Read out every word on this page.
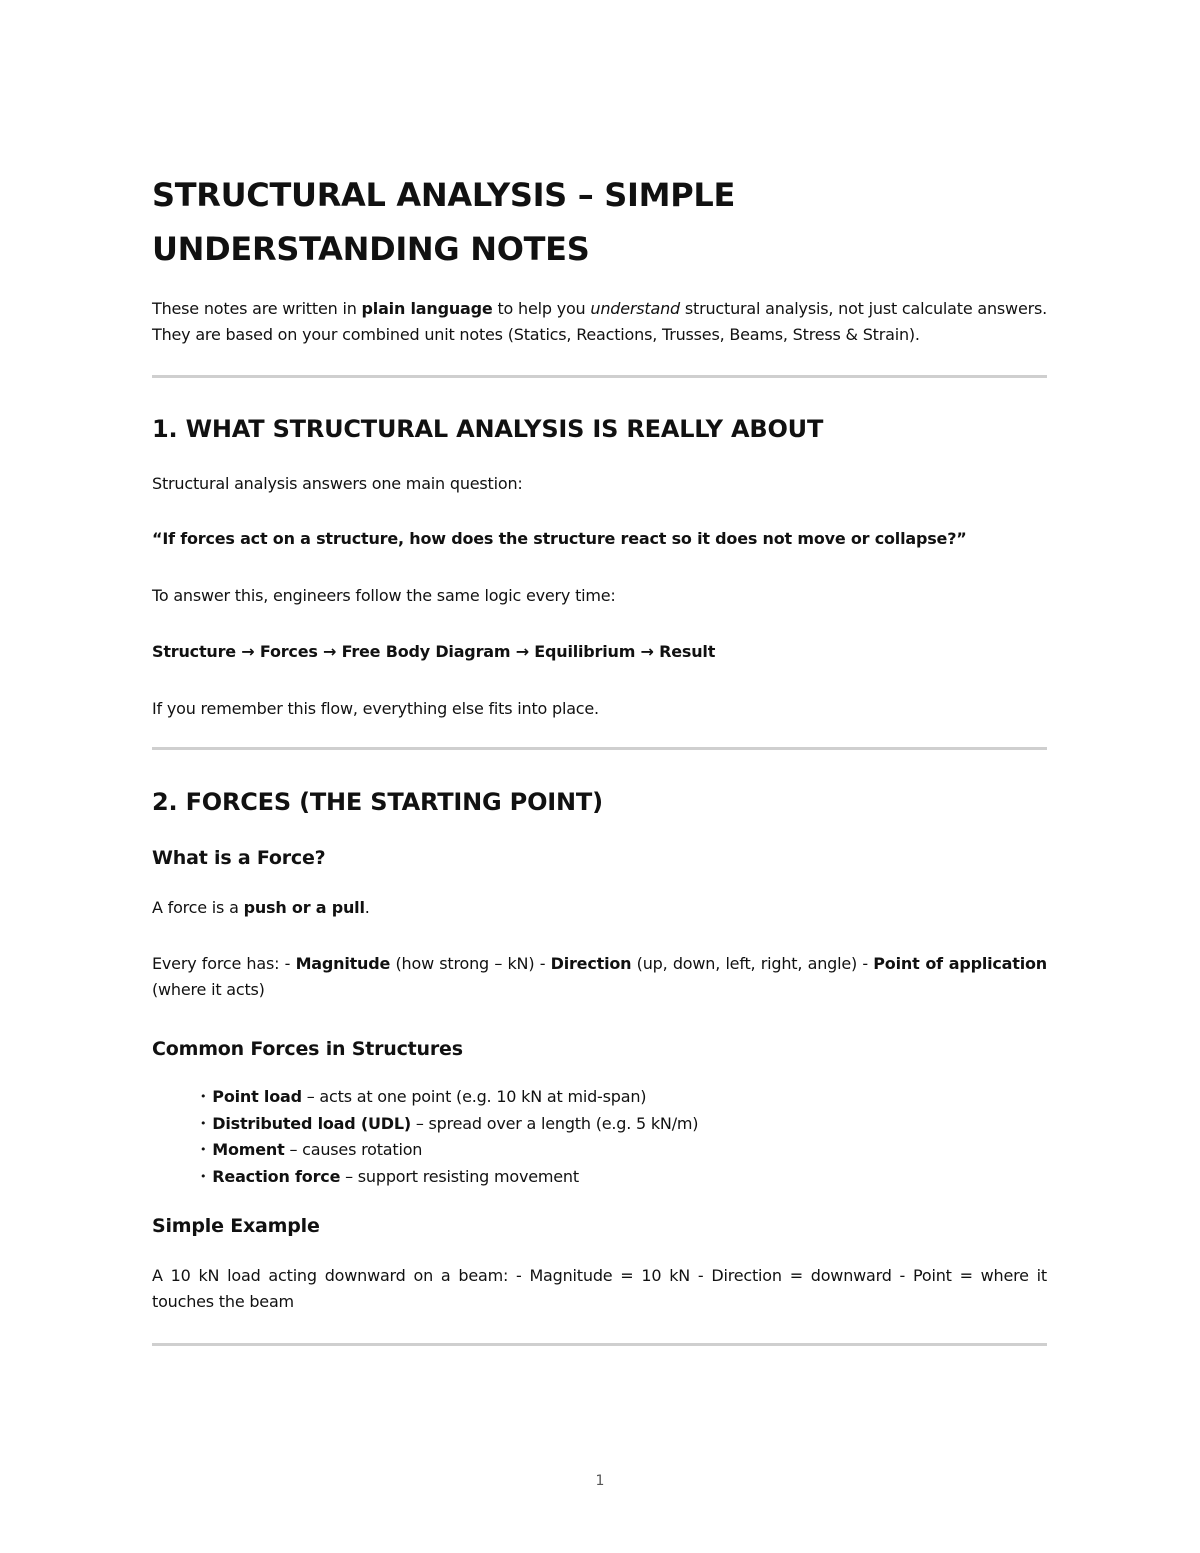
STRUCTURAL ANALYSIS – SIMPLE UNDERSTANDING NOTES

These notes are written in plain language to help you understand structural analysis, not just calculate answers. They are based on your combined unit notes (Statics, Reactions, Trusses, Beams, Stress & Strain).

1. WHAT STRUCTURAL ANALYSIS IS REALLY ABOUT

Structural analysis answers one main question:

“If forces act on a structure, how does the structure react so it does not move or collapse?”

To answer this, engineers follow the same logic every time:

Structure → Forces → Free Body Diagram → Equilibrium → Result

If you remember this flow, everything else fits into place.

2. FORCES (THE STARTING POINT)
What is a Force?

A force is a push or a pull.

Every force has: - Magnitude (how strong – kN) - Direction (up, down, left, right, angle) - Point of application (where it acts)

Common Forces in Structures
• Point load – acts at one point (e.g. 10 kN at mid-span)
• Distributed load (UDL) – spread over a length (e.g. 5 kN/m)
• Moment – causes rotation
• Reaction force – support resisting movement
Simple Example

A 10 kN load acting downward on a beam: - Magnitude = 10 kN - Direction = downward - Point = where it touches the beam

1
